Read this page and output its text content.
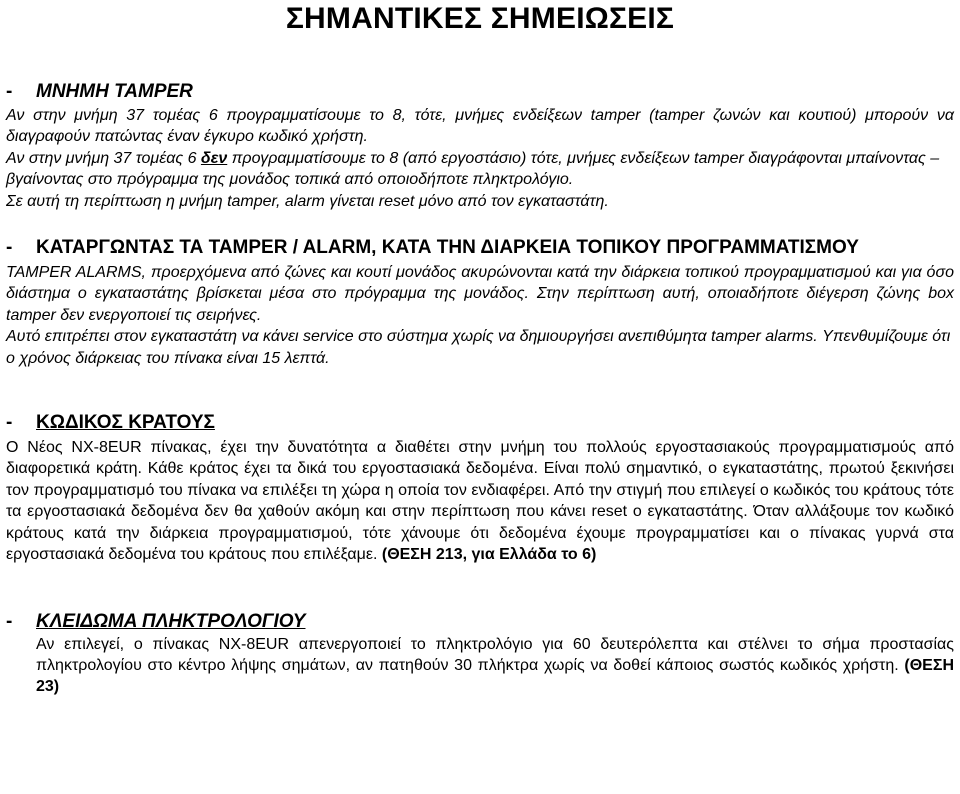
ΣΗΜΑΝΤΙΚΕΣ ΣΗΜΕΙΩΣΕΙΣ
-	ΜΝΗΜΗ TAMPER

Αν στην μνήμη 37 τομέας 6 προγραμματίσουμε το 8, τότε, μνήμες ενδείξεων tamper (tamper ζωνών και κουτιού) μπορούν να διαγραφούν πατώντας έναν έγκυρο κωδικό χρήστη.

Αν στην μνήμη 37 τομέας 6 δεν προγραμματίσουμε το 8 (από εργοστάσιο) τότε, μνήμες ενδείξεων tamper διαγράφονται μπαίνοντας – βγαίνοντας στο πρόγραμμα της μονάδος τοπικά από οποιοδήποτε πληκτρολόγιο.

Σε αυτή τη περίπτωση η μνήμη tamper, alarm γίνεται reset μόνο από τον εγκαταστάτη.

-	ΚΑΤΑΡΓΩΝΤΑΣ ΤΑ TAMPER / ALARM, ΚΑΤΑ ΤΗΝ ΔΙΑΡΚΕΙΑ ΤΟΠΙΚΟΥ ΠΡΟΓΡΑΜΜΑΤΙΣΜΟΥ

TAMPER ALARMS, προερχόμενα από ζώνες και κουτί μονάδος ακυρώνονται κατά την διάρκεια τοπικού προγραμματισμού και για όσο διάστημα ο εγκαταστάτης βρίσκεται μέσα στο πρόγραμμα της μονάδος. Στην περίπτωση αυτή, οποιαδήποτε διέγερση ζώνης box tamper δεν ενεργοποιεί τις σειρήνες.

Αυτό επιτρέπει στον εγκαταστάτη να κάνει service στο σύστημα χωρίς να δημιουργήσει ανεπιθύμητα tamper alarms. Υπενθυμίζουμε ότι ο χρόνος διάρκειας του πίνακα είναι 15 λεπτά.

-	ΚΩΔΙΚΟΣ ΚΡΑΤΟΥΣ

Ο Νέος NX-8EUR πίνακας, έχει την δυνατότητα α διαθέτει στην μνήμη του πολλούς εργοστασιακούς προγραμματισμούς από διαφορετικά κράτη. Κάθε κράτος έχει τα δικά του εργοστασιακά δεδομένα. Είναι πολύ σημαντικό, ο εγκαταστάτης, πρωτού ξεκινήσει τον προγραμματισμό του πίνακα να επιλέξει τη χώρα η οποία τον ενδιαφέρει. Από την στιγμή που επιλεγεί ο κωδικός του κράτους τότε τα εργοστασιακά δεδομένα δεν θα χαθούν ακόμη και στην περίπτωση που κάνει reset ο εγκαταστάτης. Όταν αλλάξουμε τον κωδικό κράτους κατά την διάρκεια προγραμματισμού, τότε χάνουμε ότι δεδομένα έχουμε προγραμματίσει και ο πίνακας γυρνά στα εργοστασιακά δεδομένα του κράτους που επιλέξαμε. (ΘΕΣΗ 213, για Ελλάδα το 6)

-	ΚΛΕΙΔΩΜΑ ΠΛΗΚΤΡΟΛΟΓΙΟΥ

Αν επιλεγεί, ο πίνακας NX-8EUR απενεργοποιεί το πληκτρολόγιο για 60 δευτερόλεπτα και στέλνει το σήμα προστασίας πληκτρολογίου στο κέντρο λήψης σημάτων, αν πατηθούν 30 πλήκτρα χωρίς να δοθεί κάποιος σωστός κωδικός χρήστη. (ΘΕΣΗ 23)
